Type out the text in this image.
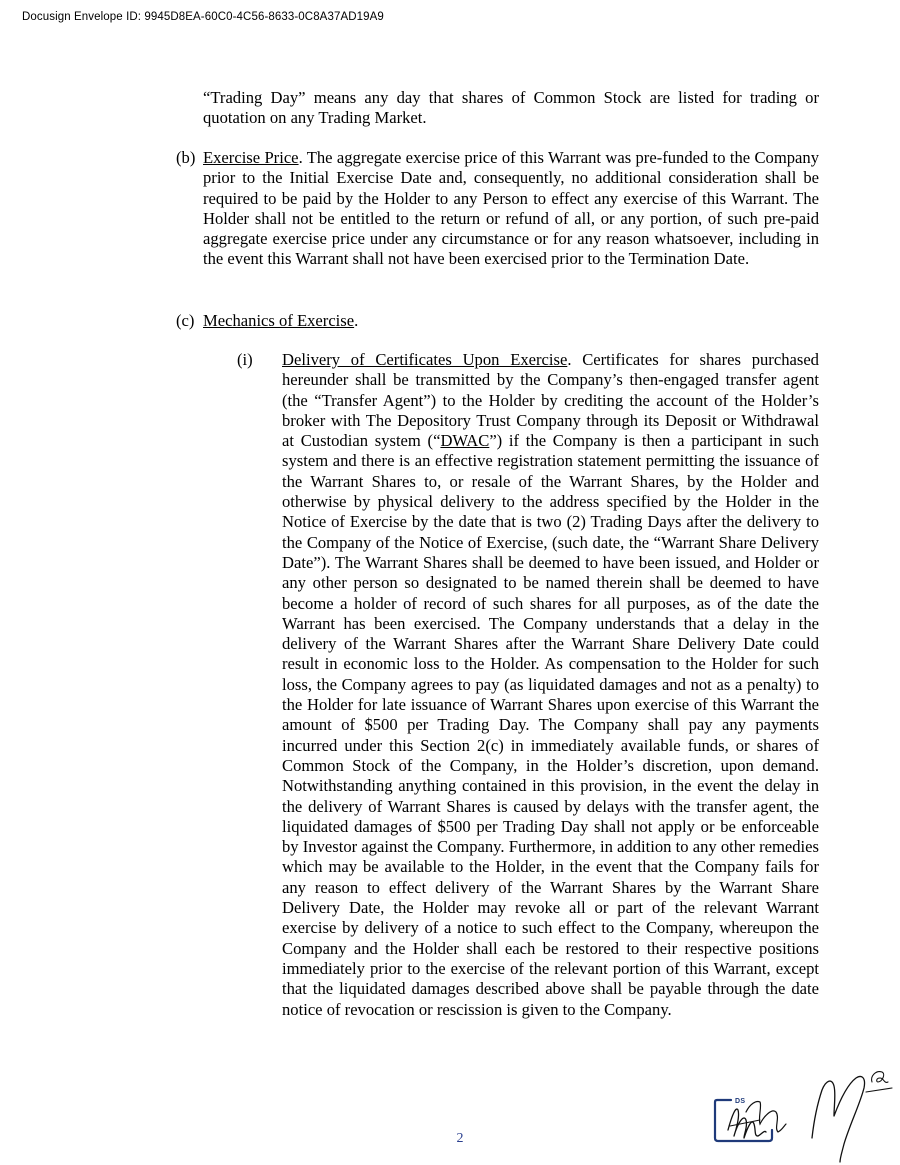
Docusign Envelope ID: 9945D8EA-60C0-4C56-8633-0C8A37AD19A9

“Trading Day” means any day that shares of Common Stock are listed for trading or quotation on any Trading Market.

(b) Exercise Price. The aggregate exercise price of this Warrant was pre-funded to the Company prior to the Initial Exercise Date and, consequently, no additional consideration shall be required to be paid by the Holder to any Person to effect any exercise of this Warrant. The Holder shall not be entitled to the return or refund of all, or any portion, of such pre-paid aggregate exercise price under any circumstance or for any reason whatsoever, including in the event this Warrant shall not have been exercised prior to the Termination Date.

(c) Mechanics of Exercise.

(i) Delivery of Certificates Upon Exercise. Certificates for shares purchased hereunder shall be transmitted by the Company’s then-engaged transfer agent (the “Transfer Agent”) to the Holder by crediting the account of the Holder’s broker with The Depository Trust Company through its Deposit or Withdrawal at Custodian system (“DWAC”) if the Company is then a participant in such system and there is an effective registration statement permitting the issuance of the Warrant Shares to, or resale of the Warrant Shares, by the Holder and otherwise by physical delivery to the address specified by the Holder in the Notice of Exercise by the date that is two (2) Trading Days after the delivery to the Company of the Notice of Exercise, (such date, the “Warrant Share Delivery Date”). The Warrant Shares shall be deemed to have been issued, and Holder or any other person so designated to be named therein shall be deemed to have become a holder of record of such shares for all purposes, as of the date the Warrant has been exercised. The Company understands that a delay in the delivery of the Warrant Shares after the Warrant Share Delivery Date could result in economic loss to the Holder. As compensation to the Holder for such loss, the Company agrees to pay (as liquidated damages and not as a penalty) to the Holder for late issuance of Warrant Shares upon exercise of this Warrant the amount of $500 per Trading Day. The Company shall pay any payments incurred under this Section 2(c) in immediately available funds, or shares of Common Stock of the Company, in the Holder’s discretion, upon demand. Notwithstanding anything contained in this provision, in the event the delay in the delivery of Warrant Shares is caused by delays with the transfer agent, the liquidated damages of $500 per Trading Day shall not apply or be enforceable by Investor against the Company. Furthermore, in addition to any other remedies which may be available to the Holder, in the event that the Company fails for any reason to effect delivery of the Warrant Shares by the Warrant Share Delivery Date, the Holder may revoke all or part of the relevant Warrant exercise by delivery of a notice to such effect to the Company, whereupon the Company and the Holder shall each be restored to their respective positions immediately prior to the exercise of the relevant portion of this Warrant, except that the liquidated damages described above shall be payable through the date notice of revocation or rescission is given to the Company.

2
DS
